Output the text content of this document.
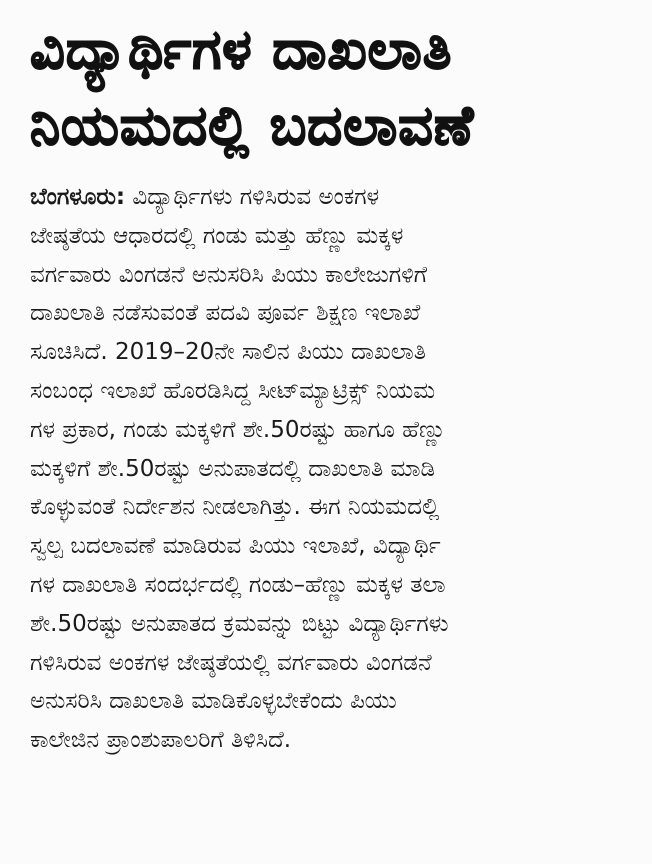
ವಿದ್ಯಾರ್ಥಿಗಳ ದಾಖಲಾತಿ
ನಿಯಮದಲ್ಲಿ ಬದಲಾವಣೆ
ಬೆಂಗಳೂರು: ವಿದ್ಯಾರ್ಥಿಗಳು ಗಳಿಸಿರುವ ಅಂಕಗಳ
ಜೇಷ್ಠತೆಯ ಆಧಾರದಲ್ಲಿ ಗಂಡು ಮತ್ತು ಹೆಣ್ಣು ಮಕ್ಕಳ
ವರ್ಗವಾರು ವಿಂಗಡನೆ ಅನುಸರಿಸಿ ಪಿಯು ಕಾಲೇಜುಗಳಿಗೆ
ದಾಖಲಾತಿ ನಡೆಸುವಂತೆ ಪದವಿ ಪೂರ್ವ ಶಿಕ್ಷಣ ಇಲಾಖೆ
ಸೂಚಿಸಿದೆ. 2019–20ನೇ ಸಾಲಿನ ಪಿಯು ದಾಖಲಾತಿ
ಸಂಬಂಧ ಇಲಾಖೆ ಹೊರಡಿಸಿದ್ದ ಸೀಟ್‌ಮ್ಯಾಟ್ರಿಕ್ಸ್ ನಿಯಮ
ಗಳ ಪ್ರಕಾರ, ಗಂಡು ಮಕ್ಕಳಿಗೆ ಶೇ.50ರಷ್ಟು ಹಾಗೂ ಹೆಣ್ಣು
ಮಕ್ಕಳಿಗೆ ಶೇ.50ರಷ್ಟು ಅನುಪಾತದಲ್ಲಿ ದಾಖಲಾತಿ ಮಾಡಿ
ಕೊಳ್ಳುವಂತೆ ನಿರ್ದೇಶನ ನೀಡಲಾಗಿತ್ತು. ಈಗ ನಿಯಮದಲ್ಲಿ
ಸ್ವಲ್ಪ ಬದಲಾವಣೆ ಮಾಡಿರುವ ಪಿಯು ಇಲಾಖೆ, ವಿದ್ಯಾರ್ಥಿ
ಗಳ ದಾಖಲಾತಿ ಸಂದರ್ಭದಲ್ಲಿ ಗಂಡು–ಹೆಣ್ಣು ಮಕ್ಕಳ ತಲಾ
ಶೇ.50ರಷ್ಟು ಅನುಪಾತದ ಕ್ರಮವನ್ನು ಬಿಟ್ಟು ವಿದ್ಯಾರ್ಥಿಗಳು
ಗಳಿಸಿರುವ ಅಂಕಗಳ ಜೇಷ್ಠತೆಯಲ್ಲಿ ವರ್ಗವಾರು ವಿಂಗಡನೆ
ಅನುಸರಿಸಿ ದಾಖಲಾತಿ ಮಾಡಿಕೊಳ್ಳಬೇಕೆಂದು ಪಿಯು
ಕಾಲೇಜಿನ ಪ್ರಾಂಶುಪಾಲರಿಗೆ ತಿಳಿಸಿದೆ.
